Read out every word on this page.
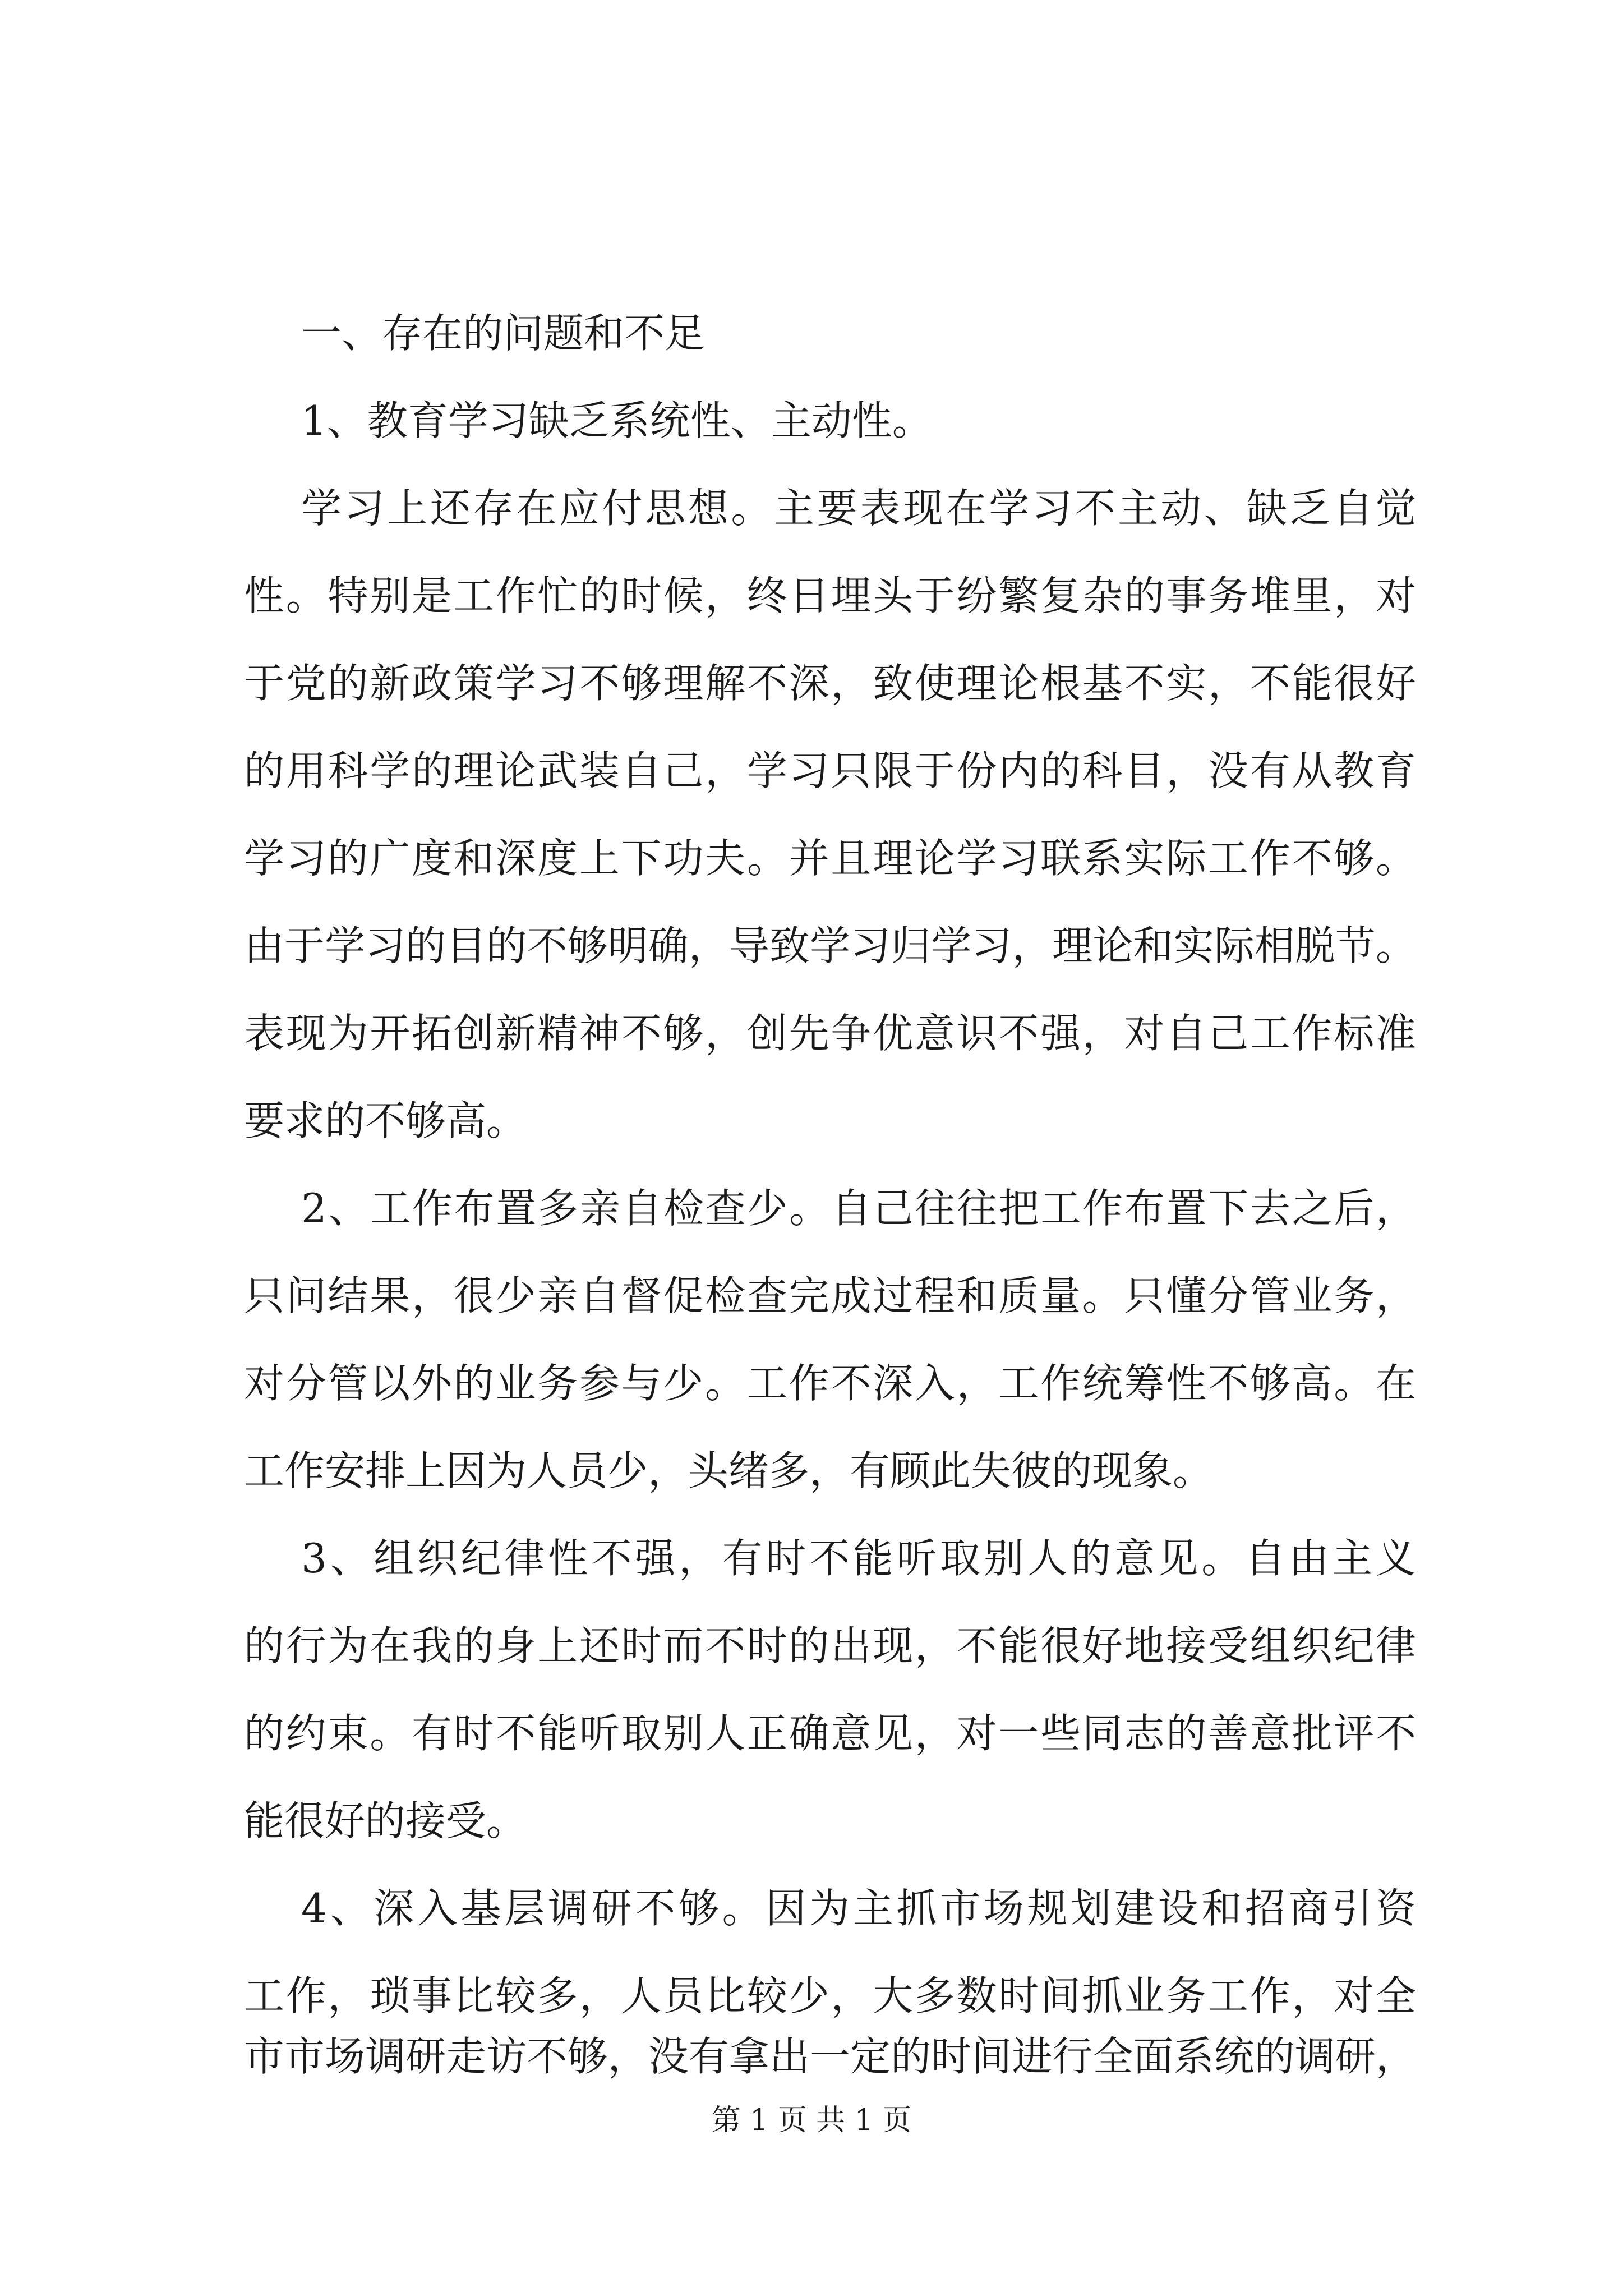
一、存在的问题和不足
1、教育学习缺乏系统性、主动性。
学习上还存在应付思想。主要表现在学习不主动、缺乏自觉
性。特别是工作忙的时候，终日埋头于纷繁复杂的事务堆里，对
于党的新政策学习不够理解不深，致使理论根基不实，不能很好
的用科学的理论武装自己，学习只限于份内的科目，没有从教育
学习的广度和深度上下功夫。并且理论学习联系实际工作不够。
由于学习的目的不够明确，导致学习归学习，理论和实际相脱节。
表现为开拓创新精神不够，创先争优意识不强，对自己工作标准
要求的不够高。
2、工作布置多亲自检查少。自己往往把工作布置下去之后，
只问结果，很少亲自督促检查完成过程和质量。只懂分管业务，
对分管以外的业务参与少。工作不深入，工作统筹性不够高。在
工作安排上因为人员少，头绪多，有顾此失彼的现象。
3、组织纪律性不强，有时不能听取别人的意见。自由主义
的行为在我的身上还时而不时的出现，不能很好地接受组织纪律
的约束。有时不能听取别人正确意见，对一些同志的善意批评不
能很好的接受。
4、深入基层调研不够。因为主抓市场规划建设和招商引资
工作，琐事比较多，人员比较少，大多数时间抓业务工作，对全
市市场调研走访不够，没有拿出一定的时间进行全面系统的调研，
第 1 页 共 1 页
